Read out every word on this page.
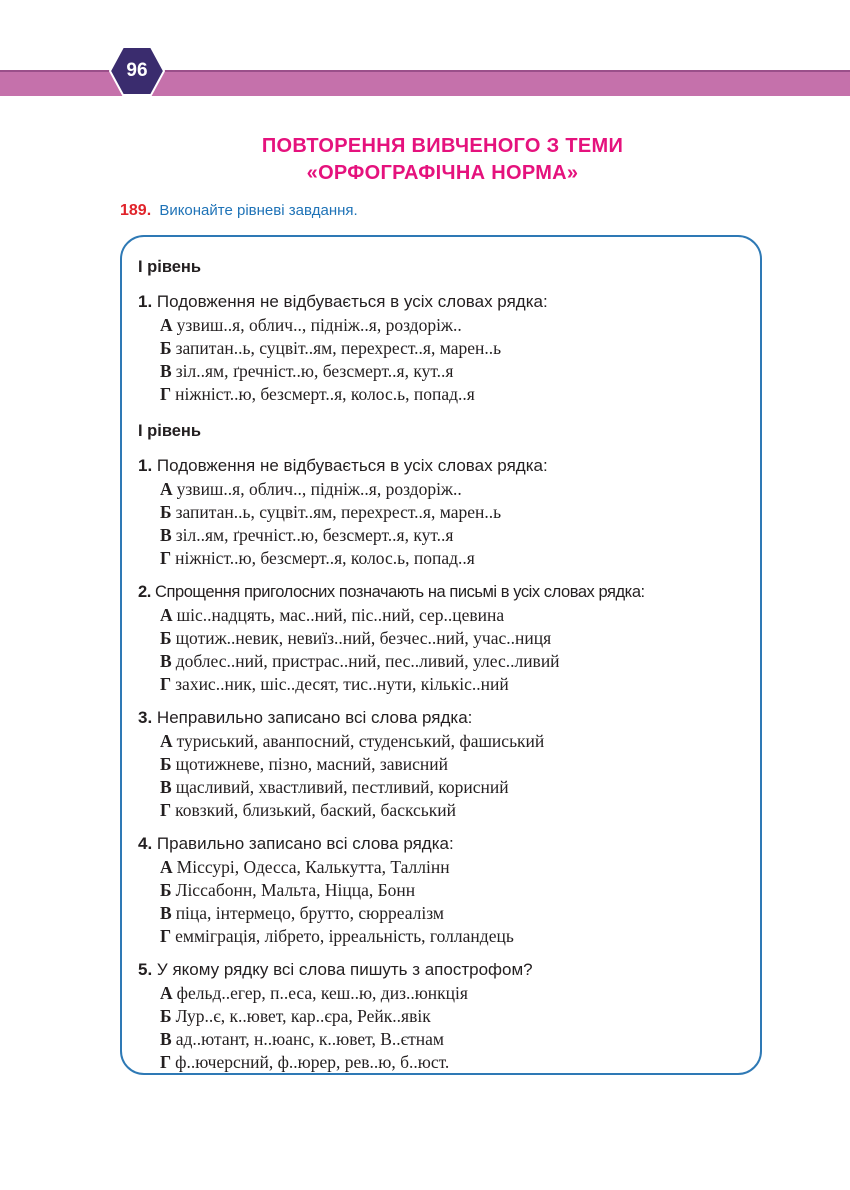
96
ПОВТОРЕННЯ ВИВЧЕНОГО З ТЕМИ
«ОРФОГРАФІЧНА НОРМА»
189. Виконайте рівневі завдання.
І рівень
1. Подовження не відбувається в усіх словах рядка:
А узвиш..я, облич.., підніж..я, роздоріж..
Б запитан..ь, суцвіт..ям, перехрест..я, марен..ь
В зіл..ям, ґречніст..ю, безсмерт..я, кут..я
Г ніжніст..ю, безсмерт..я, колос.ь, попад..я
І рівень
1. Подовження не відбувається в усіх словах рядка:
А узвиш..я, облич.., підніж..я, роздоріж..
Б запитан..ь, суцвіт..ям, перехрест..я, марен..ь
В зіл..ям, ґречніст..ю, безсмерт..я, кут..я
Г ніжніст..ю, безсмерт..я, колос.ь, попад..я
2. Спрощення приголосних позначають на письмі в усіх словах рядка:
А шіс..надцять, мас..ний, піс..ний, сер..цевина
Б щотиж..невик, невиїз..ний, безчес..ний, учас..ниця
В доблес..ний, пристрас..ний, пес..ливий, улес..ливий
Г захис..ник, шіс..десят, тис..нути, кількіс..ний
3. Неправильно записано всі слова рядка:
А туриський, аванпосний, студенський, фашиський
Б щотижневе, пізно, масний, зависний
В щасливий, хвастливий, пестливий, корисний
Г ковзкий, близький, баский, баскський
4. Правильно записано всі слова рядка:
А Міссурі, Одесса, Калькутта, Таллінн
Б Ліссабонн, Мальта, Ніцца, Бонн
В піца, інтермецо, брутто, сюрреалізм
Г емміграція, лібрето, ірреальність, голландець
5. У якому рядку всі слова пишуть з апострофом?
А фельд..егер, п..еса, кеш..ю, диз..юнкція
Б Лур..є, к..ювет, кар..єра, Рейк..явік
В ад..ютант, н..юанс, к..ювет, В..єтнам
Г ф..ючерсний, ф..юрер, рев..ю, б..юст.
